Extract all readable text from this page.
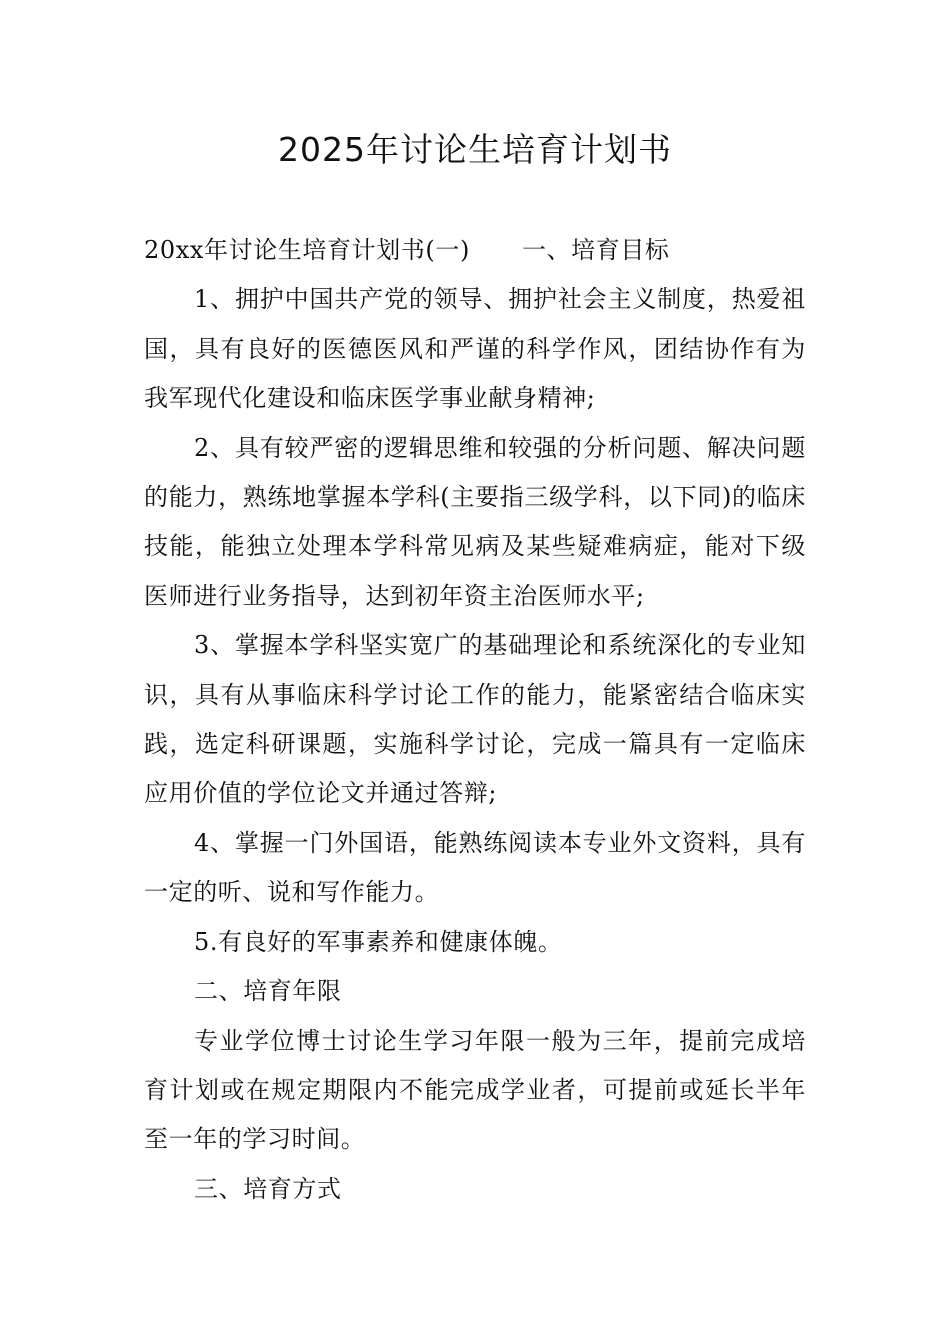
2025年讨论生培育计划书

20xx年讨论生培育计划书(一) 一、培育目标

1、拥护中国共产党的领导、拥护社会主义制度，热爱祖国，具有良好的医德医风和严谨的科学作风，团结协作有为我军现代化建设和临床医学事业献身精神;

2、具有较严密的逻辑思维和较强的分析问题、解决问题的能力，熟练地掌握本学科(主要指三级学科，以下同)的临床技能，能独立处理本学科常见病及某些疑难病症，能对下级医师进行业务指导，达到初年资主治医师水平;

3、掌握本学科坚实宽广的基础理论和系统深化的专业知识，具有从事临床科学讨论工作的能力，能紧密结合临床实践，选定科研课题，实施科学讨论，完成一篇具有一定临床应用价值的学位论文并通过答辩;

4、掌握一门外国语，能熟练阅读本专业外文资料，具有一定的听、说和写作能力。

5.有良好的军事素养和健康体魄。

二、培育年限

专业学位博士讨论生学习年限一般为三年，提前完成培育计划或在规定期限内不能完成学业者，可提前或延长半年至一年的学习时间。

三、培育方式
